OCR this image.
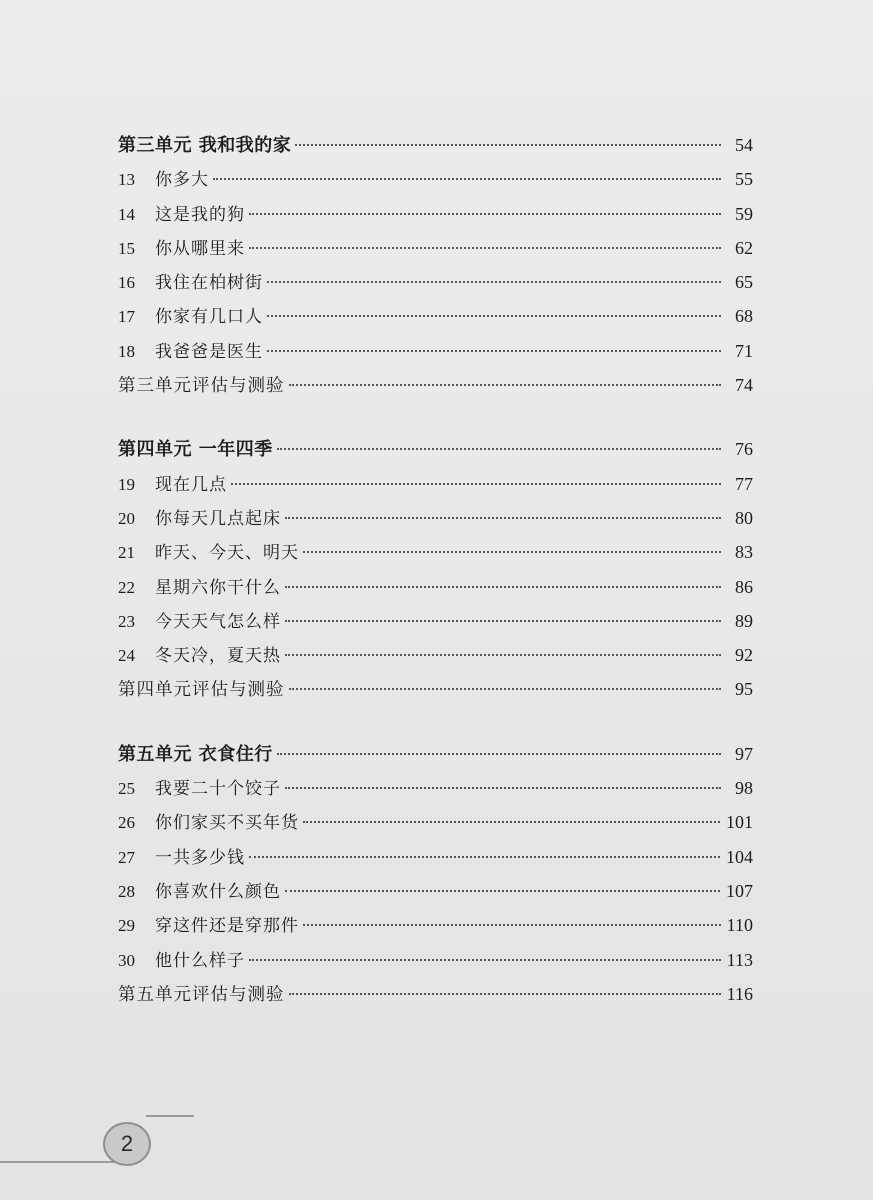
第三单元 我和我的家	54
13	你多大	55
14	这是我的狗	59
15	你从哪里来	62
16	我住在柏树街	65
17	你家有几口人	68
18	我爸爸是医生	71
第三单元评估与测验	74
第四单元 一年四季	76
19	现在几点	77
20	你每天几点起床	80
21	昨天、今天、明天	83
22	星期六你干什么	86
23	今天天气怎么样	89
24	冬天冷，夏天热	92
第四单元评估与测验	95
第五单元 衣食住行	97
25	我要二十个饺子	98
26	你们家买不买年货	101
27	一共多少钱	104
28	你喜欢什么颜色	107
29	穿这件还是穿那件	110
30	他什么样子	113
第五单元评估与测验	116
2
